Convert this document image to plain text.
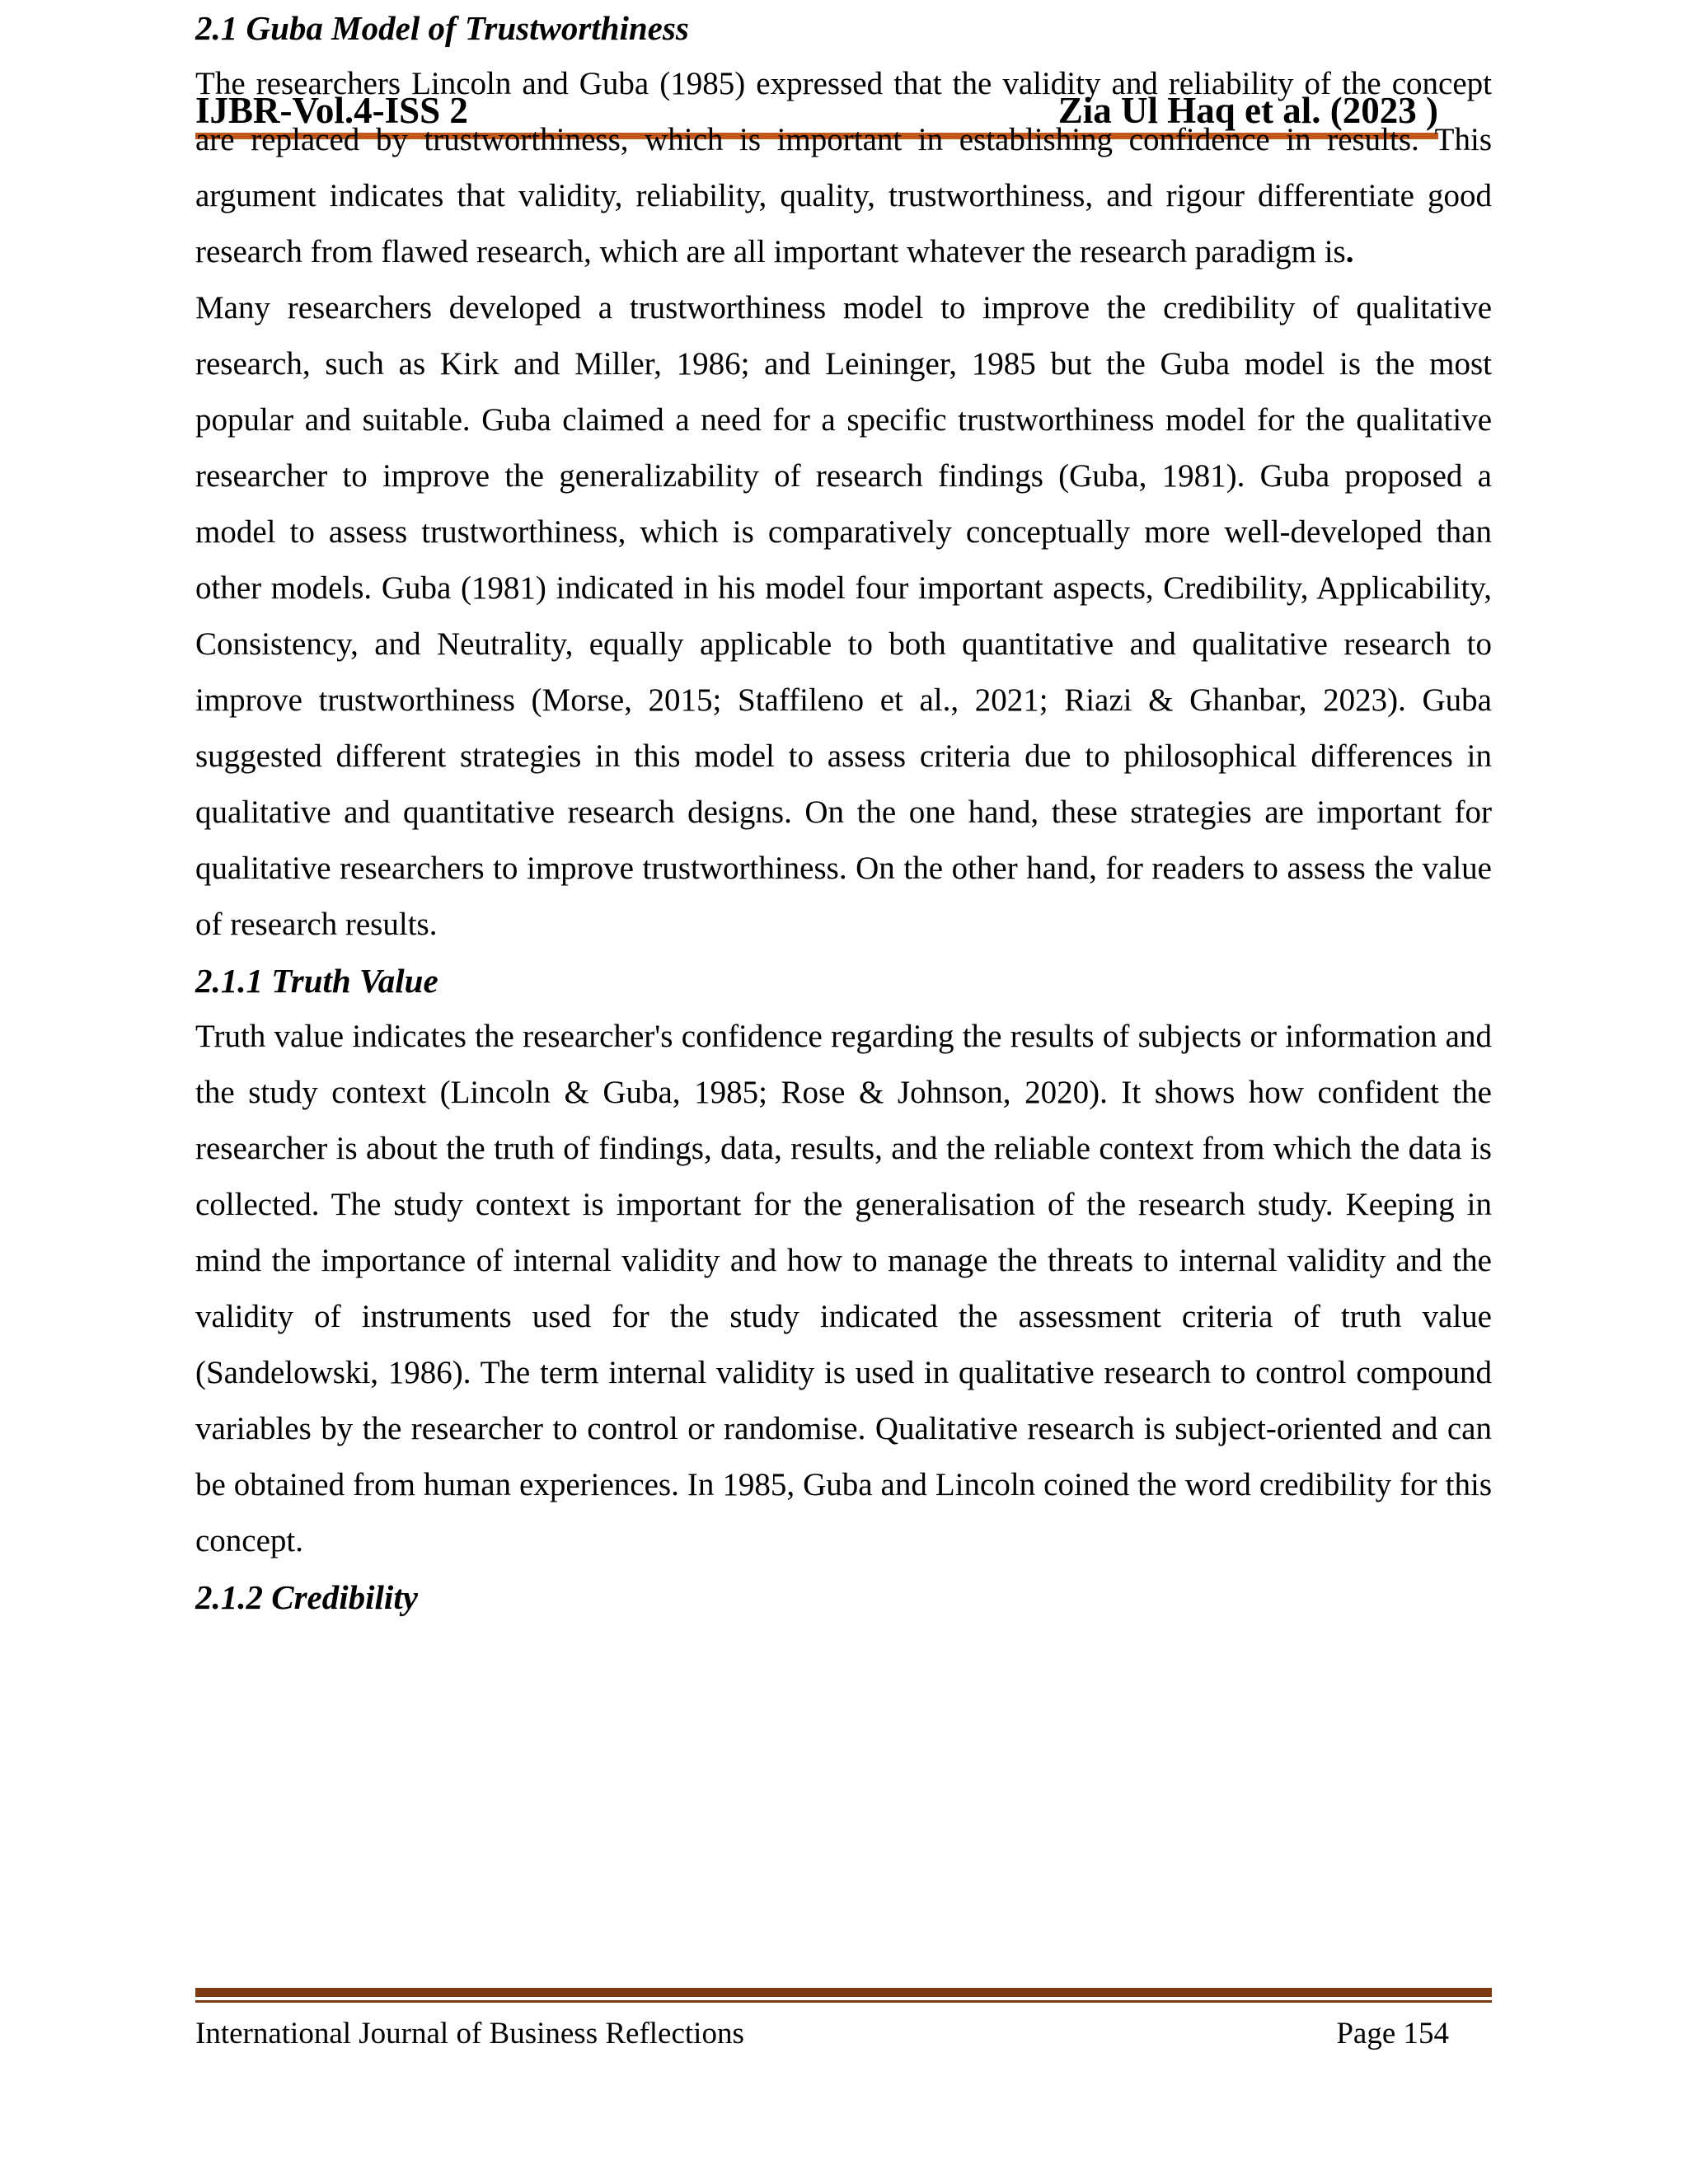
IJBR-Vol.4-ISS 2	Zia Ul Haq et al. (2023 )
2.1 Guba Model of Trustworthiness

The researchers Lincoln and Guba (1985) expressed that the validity and reliability of the concept are replaced by trustworthiness, which is important in establishing confidence in results. This argument indicates that validity, reliability, quality, trustworthiness, and rigour differentiate good research from flawed research, which are all important whatever the research paradigm is.

Many researchers developed a trustworthiness model to improve the credibility of qualitative research, such as Kirk and Miller, 1986; and Leininger, 1985 but the Guba model is the most popular and suitable. Guba claimed a need for a specific trustworthiness model for the qualitative researcher to improve the generalizability of research findings (Guba, 1981). Guba proposed a model to assess trustworthiness, which is comparatively conceptually more well-developed than other models. Guba (1981) indicated in his model four important aspects, Credibility, Applicability, Consistency, and Neutrality, equally applicable to both quantitative and qualitative research to improve trustworthiness (Morse, 2015; Staffileno et al., 2021; Riazi & Ghanbar, 2023). Guba suggested different strategies in this model to assess criteria due to philosophical differences in qualitative and quantitative research designs. On the one hand, these strategies are important for qualitative researchers to improve trustworthiness. On the other hand, for readers to assess the value of research results.

2.1.1 Truth Value

Truth value indicates the researcher's confidence regarding the results of subjects or information and the study context (Lincoln & Guba, 1985; Rose & Johnson, 2020). It shows how confident the researcher is about the truth of findings, data, results, and the reliable context from which the data is collected. The study context is important for the generalisation of the research study. Keeping in mind the importance of internal validity and how to manage the threats to internal validity and the validity of instruments used for the study indicated the assessment criteria of truth value (Sandelowski, 1986). The term internal validity is used in qualitative research to control compound variables by the researcher to control or randomise. Qualitative research is subject-oriented and can be obtained from human experiences. In 1985, Guba and Lincoln coined the word credibility for this concept.

2.1.2 Credibility
International Journal of Business Reflections	Page 154
